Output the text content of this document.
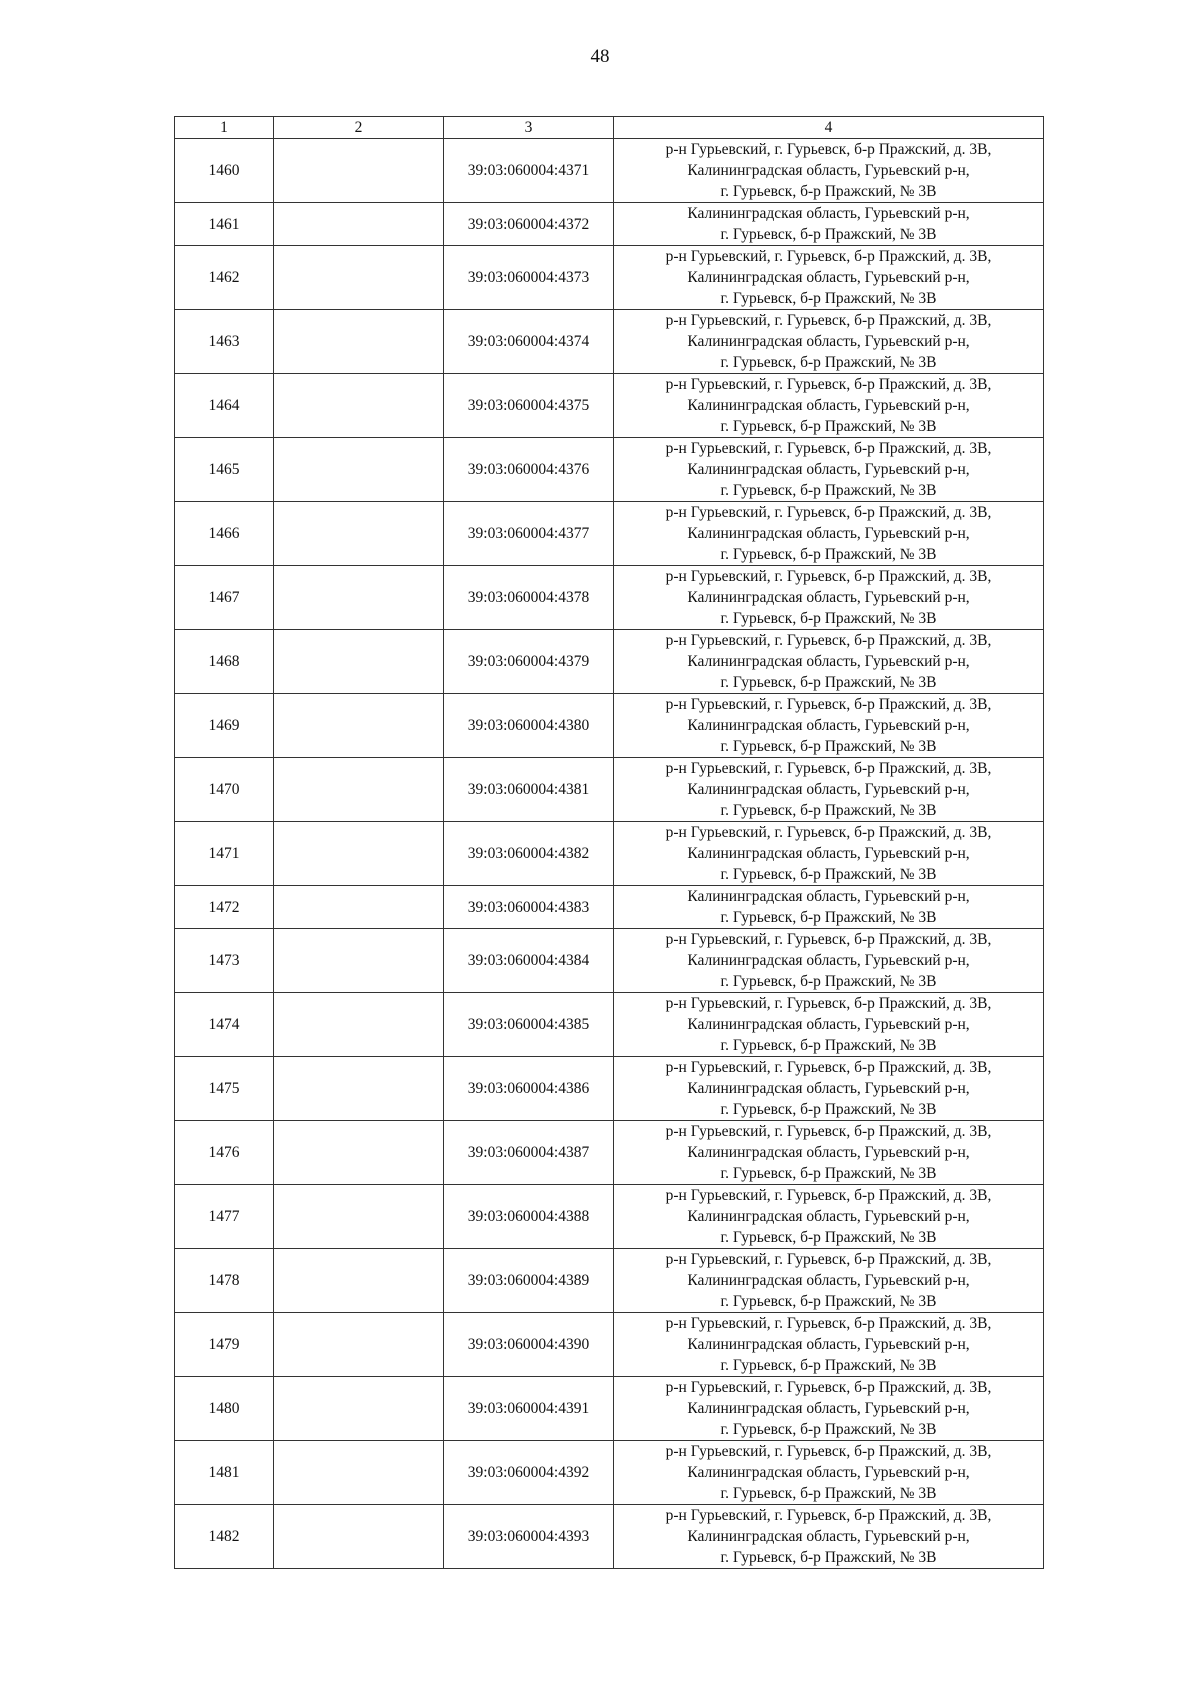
48
1	2	3	4
1460		39:03:060004:4371	р-н Гурьевский, г. Гурьевск, б-р Пражский, д. 3В,
Калининградская область, Гурьевский р-н,
г. Гурьевск, б-р Пражский, № 3В

1461		39:03:060004:4372	Калининградская область, Гурьевский р-н,
г. Гурьевск, б-р Пражский, № 3В

1462		39:03:060004:4373	р-н Гурьевский, г. Гурьевск, б-р Пражский, д. 3В,
Калининградская область, Гурьевский р-н,
г. Гурьевск, б-р Пражский, № 3В

1463		39:03:060004:4374	р-н Гурьевский, г. Гурьевск, б-р Пражский, д. 3В,
Калининградская область, Гурьевский р-н,
г. Гурьевск, б-р Пражский, № 3В

1464		39:03:060004:4375	р-н Гурьевский, г. Гурьевск, б-р Пражский, д. 3В,
Калининградская область, Гурьевский р-н,
г. Гурьевск, б-р Пражский, № 3В

1465		39:03:060004:4376	р-н Гурьевский, г. Гурьевск, б-р Пражский, д. 3В,
Калининградская область, Гурьевский р-н,
г. Гурьевск, б-р Пражский, № 3В

1466		39:03:060004:4377	р-н Гурьевский, г. Гурьевск, б-р Пражский, д. 3В,
Калининградская область, Гурьевский р-н,
г. Гурьевск, б-р Пражский, № 3В

1467		39:03:060004:4378	р-н Гурьевский, г. Гурьевск, б-р Пражский, д. 3В,
Калининградская область, Гурьевский р-н,
г. Гурьевск, б-р Пражский, № 3В

1468		39:03:060004:4379	р-н Гурьевский, г. Гурьевск, б-р Пражский, д. 3В,
Калининградская область, Гурьевский р-н,
г. Гурьевск, б-р Пражский, № 3В

1469		39:03:060004:4380	р-н Гурьевский, г. Гурьевск, б-р Пражский, д. 3В,
Калининградская область, Гурьевский р-н,
г. Гурьевск, б-р Пражский, № 3В

1470		39:03:060004:4381	р-н Гурьевский, г. Гурьевск, б-р Пражский, д. 3В,
Калининградская область, Гурьевский р-н,
г. Гурьевск, б-р Пражский, № 3В

1471		39:03:060004:4382	р-н Гурьевский, г. Гурьевск, б-р Пражский, д. 3В,
Калининградская область, Гурьевский р-н,
г. Гурьевск, б-р Пражский, № 3В

1472		39:03:060004:4383	Калининградская область, Гурьевский р-н,
г. Гурьевск, б-р Пражский, № 3В

1473		39:03:060004:4384	р-н Гурьевский, г. Гурьевск, б-р Пражский, д. 3В,
Калининградская область, Гурьевский р-н,
г. Гурьевск, б-р Пражский, № 3В

1474		39:03:060004:4385	р-н Гурьевский, г. Гурьевск, б-р Пражский, д. 3В,
Калининградская область, Гурьевский р-н,
г. Гурьевск, б-р Пражский, № 3В

1475		39:03:060004:4386	р-н Гурьевский, г. Гурьевск, б-р Пражский, д. 3В,
Калининградская область, Гурьевский р-н,
г. Гурьевск, б-р Пражский, № 3В

1476		39:03:060004:4387	р-н Гурьевский, г. Гурьевск, б-р Пражский, д. 3В,
Калининградская область, Гурьевский р-н,
г. Гурьевск, б-р Пражский, № 3В

1477		39:03:060004:4388	р-н Гурьевский, г. Гурьевск, б-р Пражский, д. 3В,
Калининградская область, Гурьевский р-н,
г. Гурьевск, б-р Пражский, № 3В

1478		39:03:060004:4389	р-н Гурьевский, г. Гурьевск, б-р Пражский, д. 3В,
Калининградская область, Гурьевский р-н,
г. Гурьевск, б-р Пражский, № 3В

1479		39:03:060004:4390	р-н Гурьевский, г. Гурьевск, б-р Пражский, д. 3В,
Калининградская область, Гурьевский р-н,
г. Гурьевск, б-р Пражский, № 3В

1480		39:03:060004:4391	р-н Гурьевский, г. Гурьевск, б-р Пражский, д. 3В,
Калининградская область, Гурьевский р-н,
г. Гурьевск, б-р Пражский, № 3В

1481		39:03:060004:4392	р-н Гурьевский, г. Гурьевск, б-р Пражский, д. 3В,
Калининградская область, Гурьевский р-н,
г. Гурьевск, б-р Пражский, № 3В

1482		39:03:060004:4393	р-н Гурьевский, г. Гурьевск, б-р Пражский, д. 3В,
Калининградская область, Гурьевский р-н,
г. Гурьевск, б-р Пражский, № 3В
